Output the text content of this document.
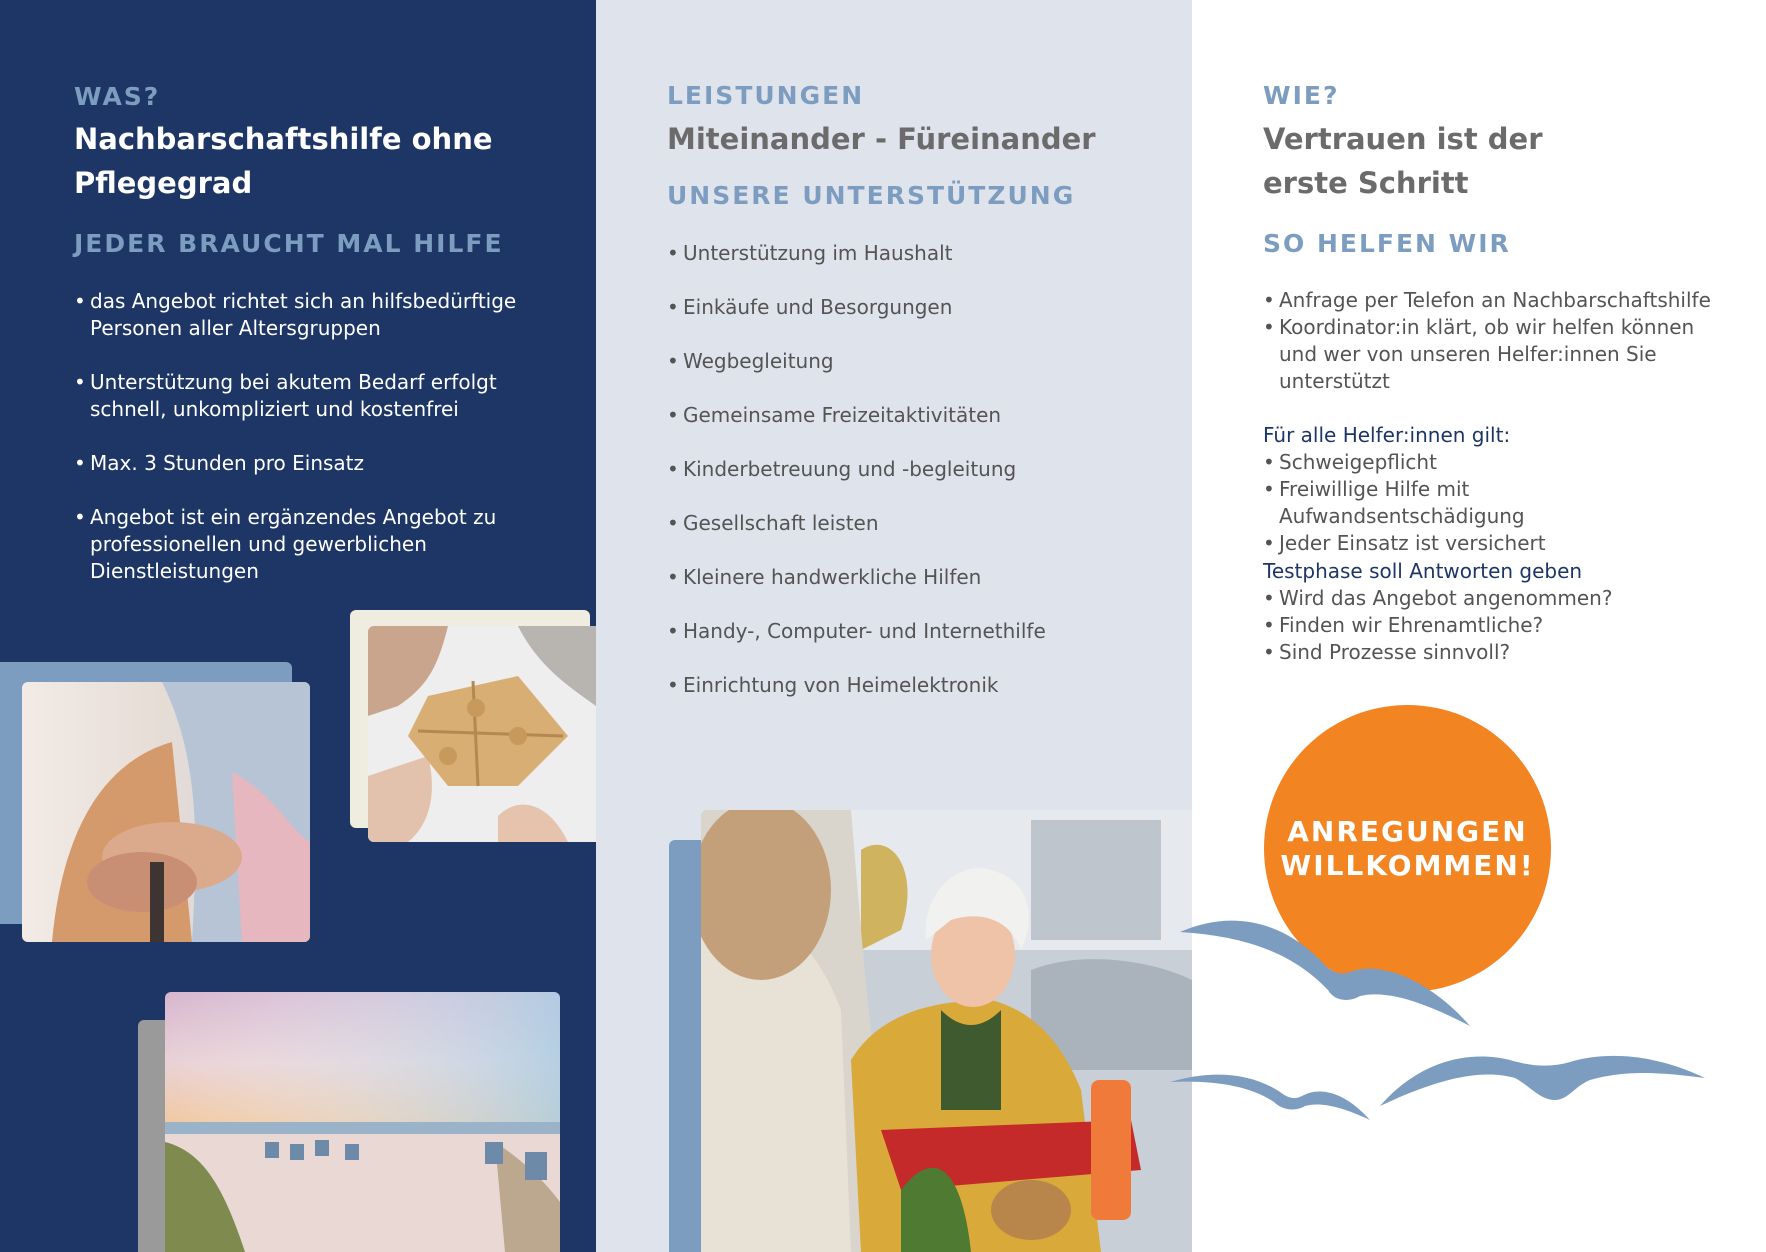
WAS?

Nachbarschaftshilfe ohne
Pflegegrad

JEDER BRAUCHT MAL HILFE

• das Angebot richtet sich an hilfsbedürftige Personen aller Altersgruppen
• Unterstützung bei akutem Bedarf erfolgt schnell, unkompliziert und kostenfrei
• Max. 3 Stunden pro Einsatz
• Angebot ist ein ergänzendes Angebot zu professionellen und gewerblichen Dienstleistungen

LEISTUNGEN

Miteinander - Füreinander

UNSERE UNTERSTÜTZUNG

• Unterstützung im Haushalt
• Einkäufe und Besorgungen
• Wegbegleitung
• Gemeinsame Freizeitaktivitäten
• Kinderbetreuung und -begleitung
• Gesellschaft leisten
• Kleinere handwerkliche Hilfen
• Handy-, Computer- und Internethilfe
• Einrichtung von Heimelektronik

WIE?

Vertrauen ist der
erste Schritt

SO HELFEN WIR

• Anfrage per Telefon an Nachbarschaftshilfe
• Koordinator:in klärt, ob wir helfen können und wer von unseren Helfer:innen Sie unterstützt

Für alle Helfer:innen gilt:

• Schweigepflicht
• Freiwillige Hilfe mit Aufwandsentschädigung
• Jeder Einsatz ist versichert

Testphase soll Antworten geben

• Wird das Angebot angenommen?
• Finden wir Ehrenamtliche?
• Sind Prozesse sinnvoll?
ANREGUNGEN
WILLKOMMEN!
